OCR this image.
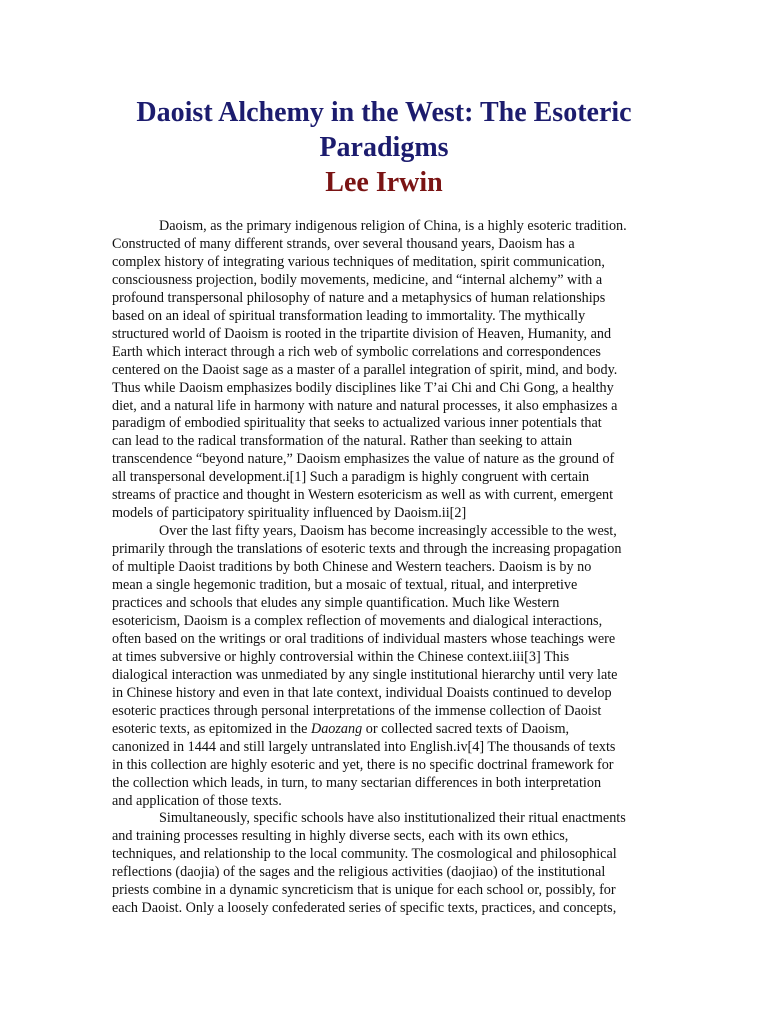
Daoist Alchemy in the West: The Esoteric
Paradigms
Lee Irwin
Daoism, as the primary indigenous religion of China, is a highly esoteric tradition.
Constructed of many different strands, over several thousand years, Daoism has a
complex history of integrating various techniques of meditation, spirit communication,
consciousness projection, bodily movements, medicine, and “internal alchemy” with a
profound transpersonal philosophy of nature and a metaphysics of human relationships
based on an ideal of spiritual transformation leading to immortality. The mythically
structured world of Daoism is rooted in the tripartite division of Heaven, Humanity, and
Earth which interact through a rich web of symbolic correlations and correspondences
centered on the Daoist sage as a master of a parallel integration of spirit, mind, and body.
Thus while Daoism emphasizes bodily disciplines like T’ai Chi and Chi Gong, a healthy
diet, and a natural life in harmony with nature and natural processes, it also emphasizes a
paradigm of embodied spirituality that seeks to actualized various inner potentials that
can lead to the radical transformation of the natural. Rather than seeking to attain
transcendence “beyond nature,” Daoism emphasizes the value of nature as the ground of
all transpersonal development.i[1] Such a paradigm is highly congruent with certain
streams of practice and thought in Western esotericism as well as with current, emergent
models of participatory spirituality influenced by Daoism.ii[2]
Over the last fifty years, Daoism has become increasingly accessible to the west,
primarily through the translations of esoteric texts and through the increasing propagation
of multiple Daoist traditions by both Chinese and Western teachers. Daoism is by no
mean a single hegemonic tradition, but a mosaic of textual, ritual, and interpretive
practices and schools that eludes any simple quantification. Much like Western
esotericism, Daoism is a complex reflection of movements and dialogical interactions,
often based on the writings or oral traditions of individual masters whose teachings were
at times subversive or highly controversial within the Chinese context.iii[3] This
dialogical interaction was unmediated by any single institutional hierarchy until very late
in Chinese history and even in that late context, individual Doaists continued to develop
esoteric practices through personal interpretations of the immense collection of Daoist
esoteric texts, as epitomized in the Daozang or collected sacred texts of Daoism,
canonized in 1444 and still largely untranslated into English.iv[4] The thousands of texts
in this collection are highly esoteric and yet, there is no specific doctrinal framework for
the collection which leads, in turn, to many sectarian differences in both interpretation
and application of those texts.
Simultaneously, specific schools have also institutionalized their ritual enactments
and training processes resulting in highly diverse sects, each with its own ethics,
techniques, and relationship to the local community. The cosmological and philosophical
reflections (daojia) of the sages and the religious activities (daojiao) of the institutional
priests combine in a dynamic syncreticism that is unique for each school or, possibly, for
each Daoist. Only a loosely confederated series of specific texts, practices, and concepts,
